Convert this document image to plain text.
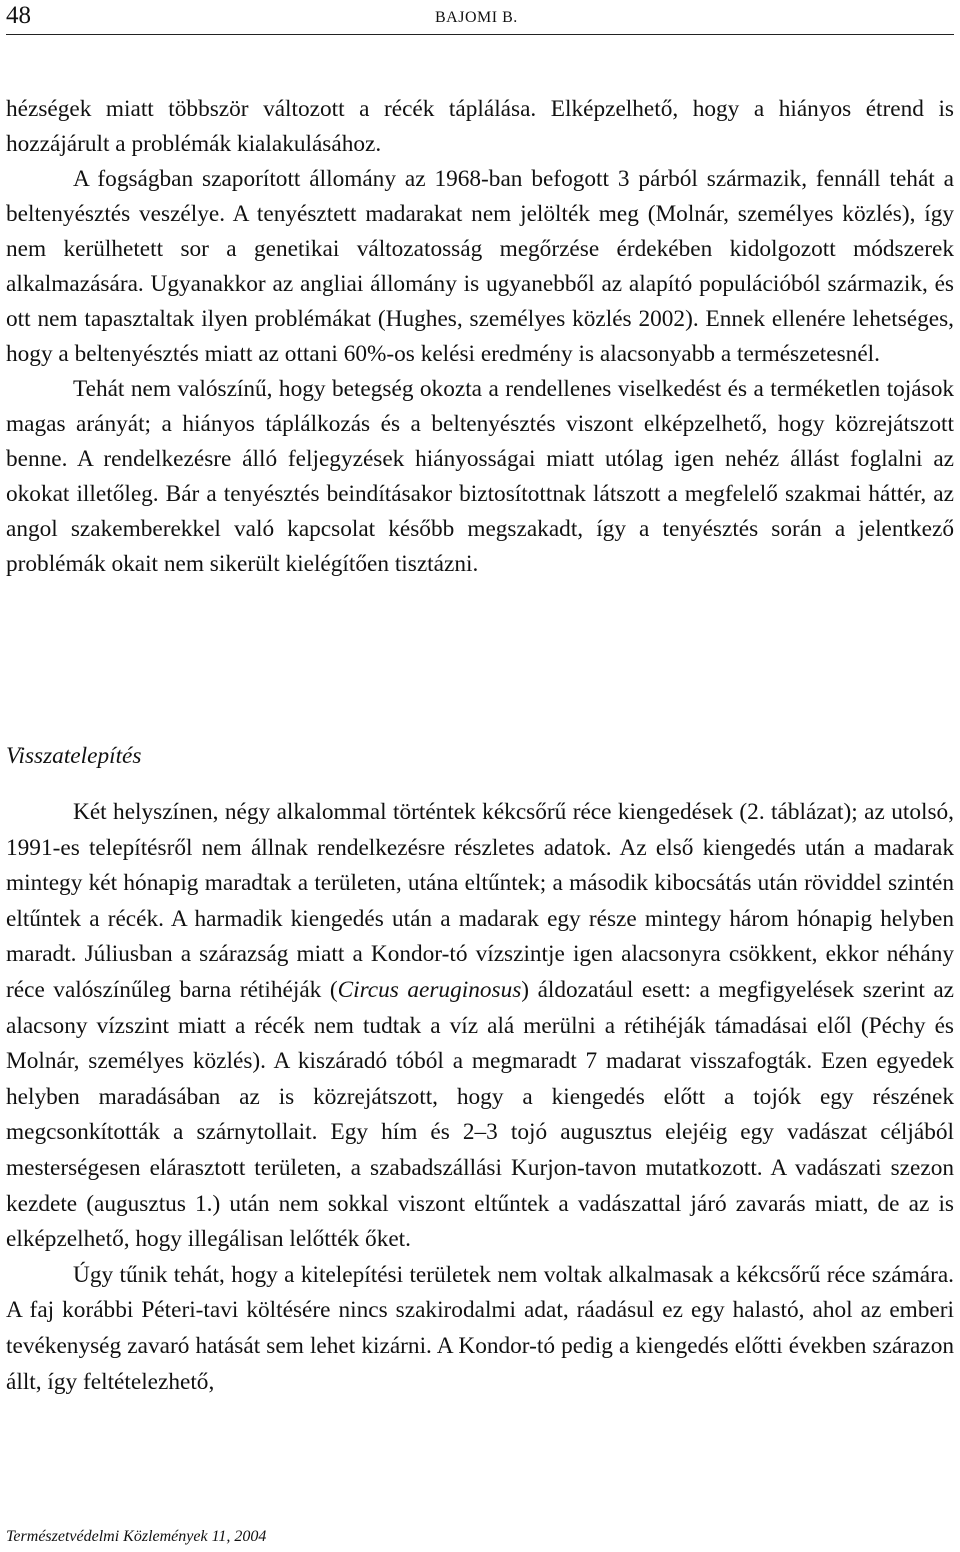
48	BAJOMI B.

hézségek miatt többször változott a récék táplálása. Elképzelhető, hogy a hiányos étrend is hozzájárult a problémák kialakulásához.

A fogságban szaporított állomány az 1968-ban befogott 3 párból származik, fennáll tehát a beltenyésztés veszélye. A tenyésztett madarakat nem jelölték meg (Molnár, személyes közlés), így nem kerülhetett sor a genetikai változatosság megőrzése érdekében kidolgozott módszerek alkalmazására. Ugyanakkor az angliai állomány is ugyanebből az alapító populációból származik, és ott nem tapasztaltak ilyen problémákat (Hughes, személyes közlés 2002). Ennek ellenére lehetséges, hogy a beltenyésztés miatt az ottani 60%-os kelési eredmény is alacsonyabb a természetesnél.

Tehát nem valószínű, hogy betegség okozta a rendellenes viselkedést és a terméketlen tojások magas arányát; a hiányos táplálkozás és a beltenyésztés viszont elképzelhető, hogy közrejátszott benne. A rendelkezésre álló feljegyzések hiányosságai miatt utólag igen nehéz állást foglalni az okokat illetőleg. Bár a tenyésztés beindításakor biztosítottnak látszott a megfelelő szakmai háttér, az angol szakemberekkel való kapcsolat később megszakadt, így a tenyésztés során a jelentkező problémák okait nem sikerült kielégítően tisztázni.

Visszatelepítés

Két helyszínen, négy alkalommal történtek kékcsőrű réce kiengedések (2. táblázat); az utolsó, 1991-es telepítésről nem állnak rendelkezésre részletes adatok. Az első kiengedés után a madarak mintegy két hónapig maradtak a területen, utána eltűntek; a második kibocsátás után röviddel szintén eltűntek a récék. A harmadik kiengedés után a madarak egy része mintegy három hónapig helyben maradt. Júliusban a szárazság miatt a Kondor-tó vízszintje igen alacsonyra csökkent, ekkor néhány réce valószínűleg barna rétihéják (Circus aeruginosus) áldozatául esett: a megfigyelések szerint az alacsony vízszint miatt a récék nem tudtak a víz alá merülni a rétihéják támadásai elől (Péchy és Molnár, személyes közlés). A kiszáradó tóból a megmaradt 7 madarat visszafogták. Ezen egyedek helyben maradásában az is közrejátszott, hogy a kiengedés előtt a tojók egy részének megcsonkították a szárnytollait. Egy hím és 2–3 tojó augusztus elejéig egy vadászat céljából mesterségesen elárasztott területen, a szabadszállási Kurjon-tavon mutatkozott. A vadászati szezon kezdete (augusztus 1.) után nem sokkal viszont eltűntek a vadászattal járó zavarás miatt, de az is elképzelhető, hogy illegálisan lelőtték őket.

Úgy tűnik tehát, hogy a kitelepítési területek nem voltak alkalmasak a kékcsőrű réce számára. A faj korábbi Péteri-tavi költésére nincs szakirodalmi adat, ráadásul ez egy halastó, ahol az emberi tevékenység zavaró hatását sem lehet kizárni. A Kondor-tó pedig a kiengedés előtti években szárazon állt, így feltételezhető,

Természetvédelmi Közlemények 11, 2004
